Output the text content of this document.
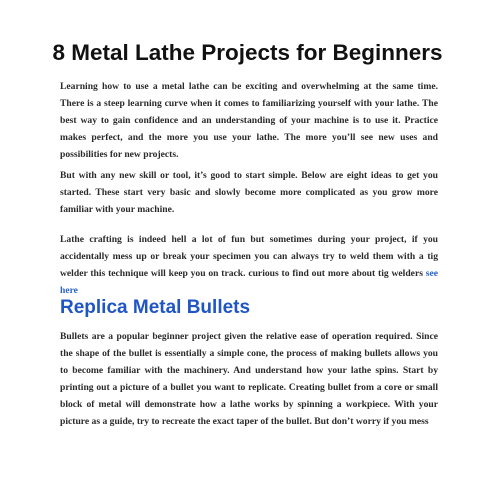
8 Metal Lathe Projects for Beginners

Learning how to use a metal lathe can be exciting and overwhelming at the same time. There is a steep learning curve when it comes to familiarizing yourself with your lathe. The best way to gain confidence and an understanding of your machine is to use it. Practice makes perfect, and the more you use your lathe. The more you’ll see new uses and possibilities for new projects.

But with any new skill or tool, it’s good to start simple. Below are eight ideas to get you started. These start very basic and slowly become more complicated as you grow more familiar with your machine.

Lathe crafting is indeed hell a lot of fun but sometimes during your project, if you accidentally mess up or break your specimen you can always try to weld them with a tig welder this technique will keep you on track. curious to find out more about tig welders see here

Replica Metal Bullets

Bullets are a popular beginner project given the relative ease of operation required. Since the shape of the bullet is essentially a simple cone, the process of making bullets allows you to become familiar with the machinery. And understand how your lathe spins. Start by printing out a picture of a bullet you want to replicate. Creating bullet from a core or small block of metal will demonstrate how a lathe works by spinning a workpiece. With your picture as a guide, try to recreate the exact taper of the bullet. But don’t worry if you mess
